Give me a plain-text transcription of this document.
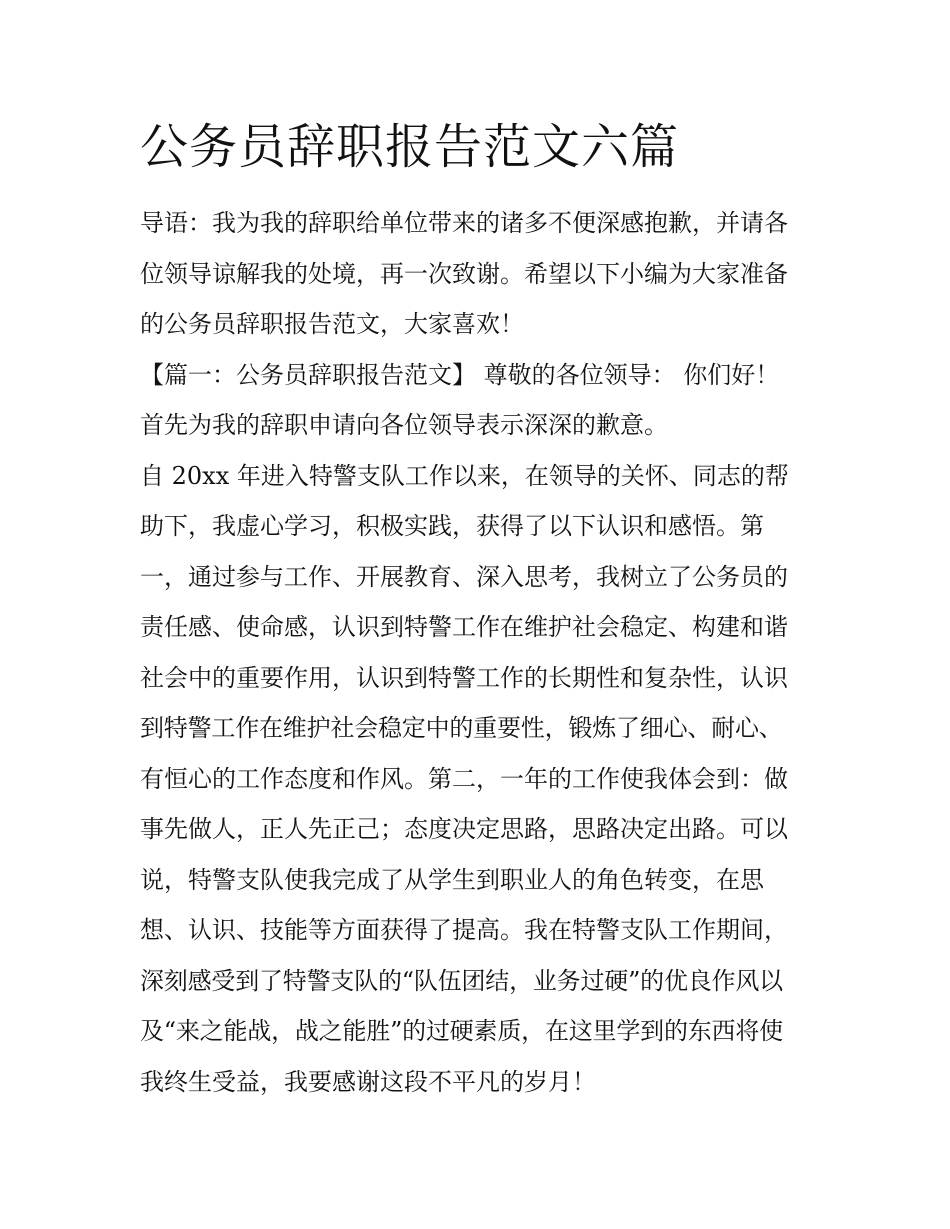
公务员辞职报告范文六篇
导语：我为我的辞职给单位带来的诸多不便深感抱歉，并请各
位领导谅解我的处境，再一次致谢。希望以下小编为大家准备
的公务员辞职报告范文，大家喜欢！
【篇一：公务员辞职报告范文】 尊敬的各位领导： 你们好！
首先为我的辞职申请向各位领导表示深深的歉意。
自 20xx 年进入特警支队工作以来，在领导的关怀、同志的帮
助下，我虚心学习，积极实践，获得了以下认识和感悟。第
一，通过参与工作、开展教育、深入思考，我树立了公务员的
责任感、使命感，认识到特警工作在维护社会稳定、构建和谐
社会中的重要作用，认识到特警工作的长期性和复杂性，认识
到特警工作在维护社会稳定中的重要性，锻炼了细心、耐心、
有恒心的工作态度和作风。第二，一年的工作使我体会到：做
事先做人，正人先正己；态度决定思路，思路决定出路。可以
说，特警支队使我完成了从学生到职业人的角色转变，在思
想、认识、技能等方面获得了提高。我在特警支队工作期间，
深刻感受到了特警支队的“队伍团结，业务过硬”的优良作风以
及“来之能战，战之能胜”的过硬素质，在这里学到的东西将使
我终生受益，我要感谢这段不平凡的岁月！
